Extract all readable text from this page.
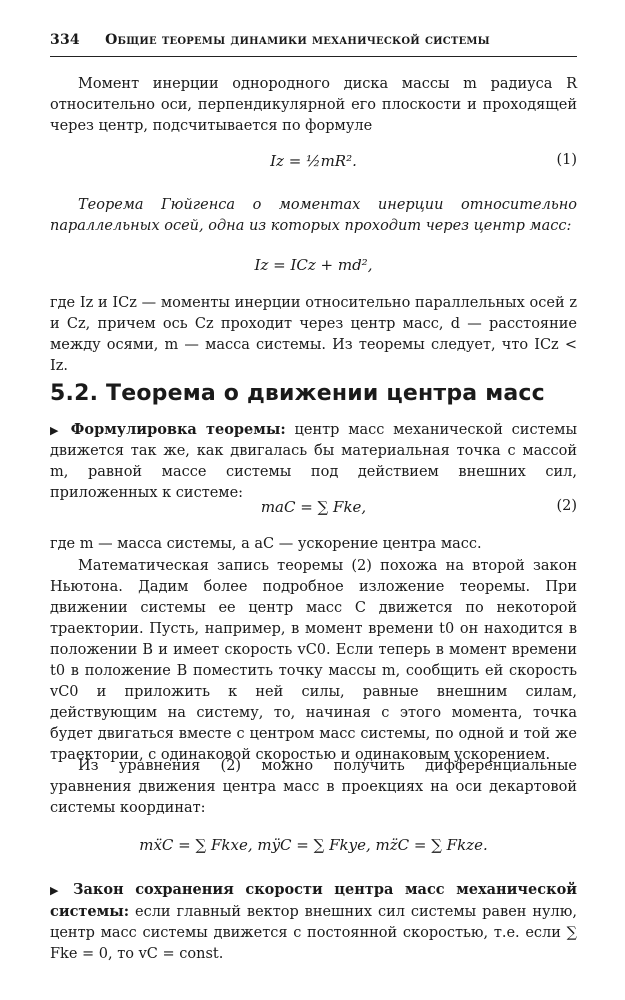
334 Общие теоремы динамики механической системы
Момент инерции однородного диска массы m радиуса R относительно оси, перпендикулярной его плоскости и проходящей через центр, подсчитывается по формуле
Iz = ½mR².	(1)
Теорема Гюйгенса о моментах инерции относительно параллельных осей, одна из которых проходит через центр масс:
Iz = ICz + md²,
где Iz и ICz — моменты инерции относительно параллельных осей z и Cz, причем ось Cz проходит через центр масс, d — расстояние между осями, m — масса системы. Из теоремы следует, что ICz < Iz.
5.2. Теорема о движении центра масс
▶ Формулировка теоремы: центр масс механической системы движется так же, как двигалась бы материальная точка с массой m, равной массе системы под действием внешних сил, приложенных к системе:
maC = ∑ Fke,	(2)
где m — масса системы, а aC — ускорение центра масс.
Математическая запись теоремы (2) похожа на второй закон Ньютона. Дадим более подробное изложение теоремы. При движении системы ее центр масс C движется по некоторой траектории. Пусть, например, в момент времени t0 он находится в положении B и имеет скорость vC0. Если теперь в момент времени t0 в положение B поместить точку массы m, сообщить ей скорость vC0 и приложить к ней силы, равные внешним силам, действующим на систему, то, начиная с этого момента, точка будет двигаться вместе с центром масс системы, по одной и той же траектории, с одинаковой скоростью и одинаковым ускорением.
Из уравнения (2) можно получить дифференциальные уравнения движения центра масс в проекциях на оси декартовой системы координат:
mẍC = ∑ Fkxe, mÿC = ∑ Fkye, mz̈C = ∑ Fkze.
▶ Закон сохранения скорости центра масс механической системы: если главный вектор внешних сил системы равен нулю, центр масс системы движется с постоянной скоростью, т.е. если ∑ Fke = 0, то vC = const.
